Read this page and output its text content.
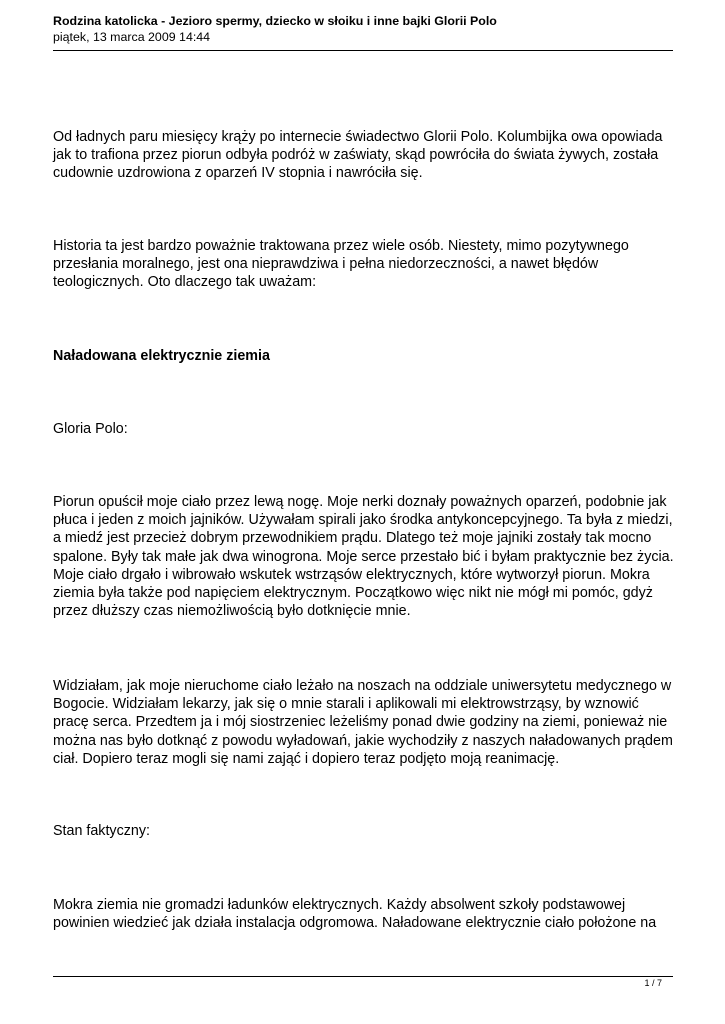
Rodzina katolicka - Jezioro spermy, dziecko w słoiku i inne bajki Glorii Polo
piątek, 13 marca 2009 14:44

Od ładnych paru miesięcy krąży po internecie świadectwo Glorii Polo. Kolumbijka owa opowiada jak to trafiona przez piorun odbyła podróż w zaświaty, skąd powróciła do świata żywych, została cudownie uzdrowiona z oparzeń IV stopnia i nawróciła się.

Historia ta jest bardzo poważnie traktowana przez wiele osób. Niestety, mimo pozytywnego przesłania moralnego, jest ona nieprawdziwa i pełna niedorzeczności, a nawet błędów teologicznych. Oto dlaczego tak uważam:

Naładowana elektrycznie ziemia

Gloria Polo:

Piorun opuścił moje ciało przez lewą nogę. Moje nerki doznały poważnych oparzeń, podobnie jak płuca i jeden z moich jajników. Używałam spirali jako środka antykoncepcyjnego. Ta była z miedzi, a miedź jest przecież dobrym przewodnikiem prądu. Dlatego też moje jajniki zostały tak mocno spalone. Były tak małe jak dwa winogrona. Moje serce przestało bić i byłam praktycznie bez życia. Moje ciało drgało i wibrowało wskutek wstrząsów elektrycznych, które wytworzył piorun. Mokra ziemia była także pod napięciem elektrycznym. Początkowo więc nikt nie mógł mi pomóc, gdyż przez dłuższy czas niemożliwością było dotknięcie mnie.

Widziałam, jak moje nieruchome ciało leżało na noszach na oddziale uniwersytetu medycznego w Bogocie. Widziałam lekarzy, jak się o mnie starali i aplikowali mi elektrowstrząsy, by wznowić pracę serca. Przedtem ja i mój siostrzeniec leżeliśmy ponad dwie godziny na ziemi, ponieważ nie można nas było dotknąć z powodu wyładowań, jakie wychodziły z naszych naładowanych prądem ciał. Dopiero teraz mogli się nami zająć i dopiero teraz podjęto moją reanimację.

Stan faktyczny:

Mokra ziemia nie gromadzi ładunków elektrycznych. Każdy absolwent szkoły podstawowej powinien wiedzieć jak działa instalacja odgromowa. Naładowane elektrycznie ciało położone na

1 / 7
